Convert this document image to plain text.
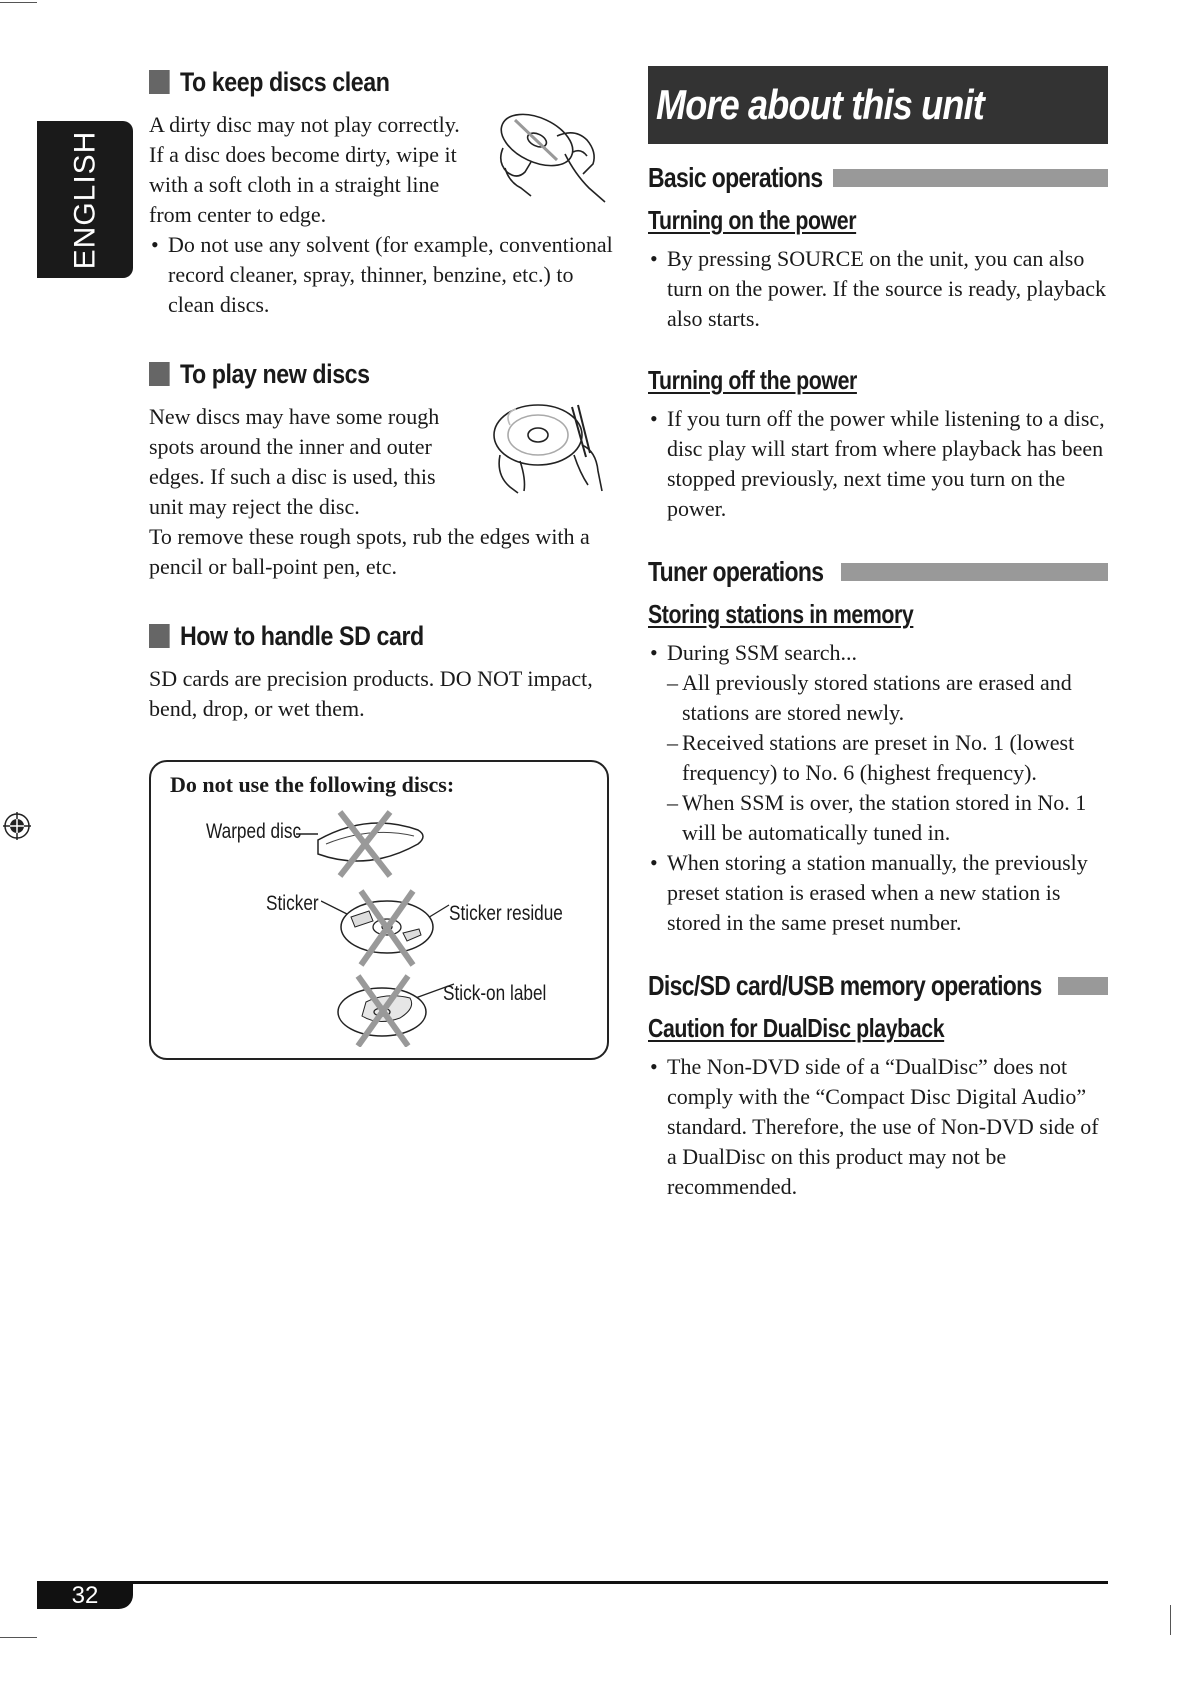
ENGLISH
To keep discs clean

A dirty disc may not play correctly.

If a disc does become dirty, wipe it

with a soft cloth in a straight line

from center to edge.

• Do not use any solvent (for example, conventional record cleaner, spray, thinner, benzine, etc.) to clean discs.

To play new discs

New discs may have some rough

spots around the inner and outer

edges. If such a disc is used, this

unit may reject the disc.

To remove these rough spots, rub the edges with a pencil or ball-point pen, etc.

How to handle SD card

SD cards are precision products. DO NOT impact, bend, drop, or wet them.

Do not use the following discs:
Warped disc
Sticker	Sticker residue
Stick-on label
More about this unit
Basic operations
Turning on the power

• By pressing SOURCE on the unit, you can also turn on the power. If the source is ready, playback also starts.

Turning off the power

• If you turn off the power while listening to a disc, disc play will start from where playback has been stopped previously, next time you turn on the power.

Tuner operations
Storing stations in memory

• During SSM search...

– All previously stored stations are erased and stations are stored newly.

– Received stations are preset in No. 1 (lowest frequency) to No. 6 (highest frequency).

– When SSM is over, the station stored in No. 1 will be automatically tuned in.

• When storing a station manually, the previously preset station is erased when a new station is stored in the same preset number.

Disc/SD card/USB memory operations
Caution for DualDisc playback

• The Non-DVD side of a “DualDisc” does not comply with the “Compact Disc Digital Audio” standard. Therefore, the use of Non-DVD side of a DualDisc on this product may not be recommended.

32
